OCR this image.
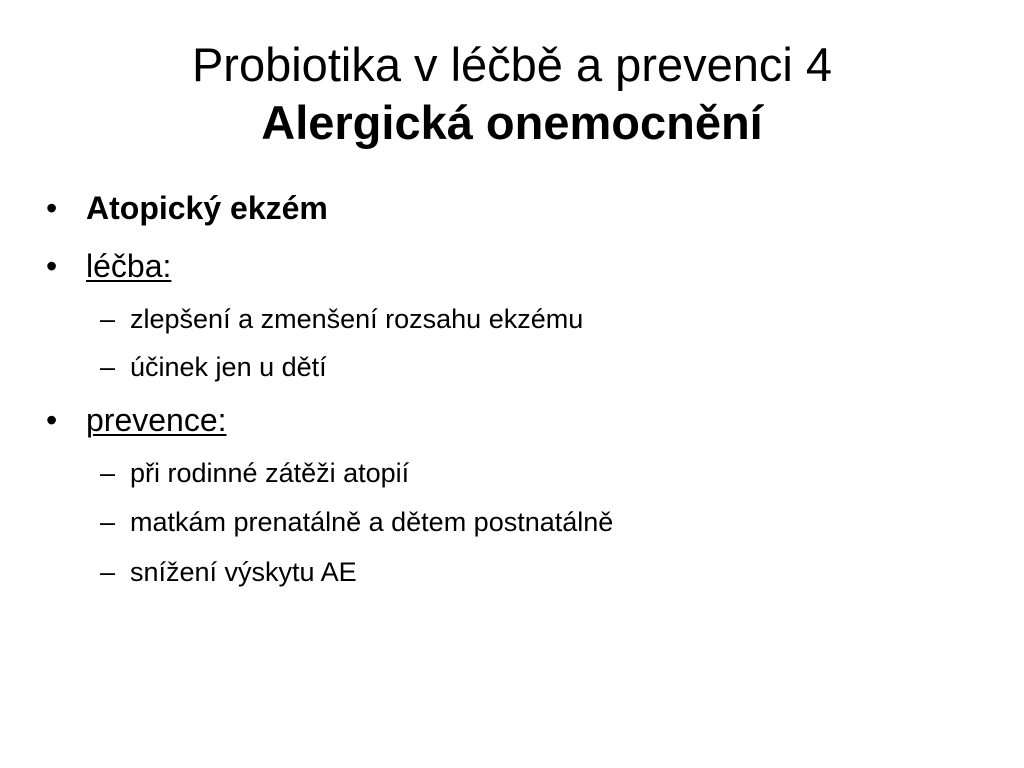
Probiotika v léčbě a prevenci 4
Alergická onemocnění
• Atopický ekzém
• léčba:
– zlepšení a zmenšení rozsahu ekzému
– účinek jen u dětí
• prevence:
– při rodinné zátěži atopií
– matkám prenatálně a dětem postnatálně
– snížení výskytu AE
